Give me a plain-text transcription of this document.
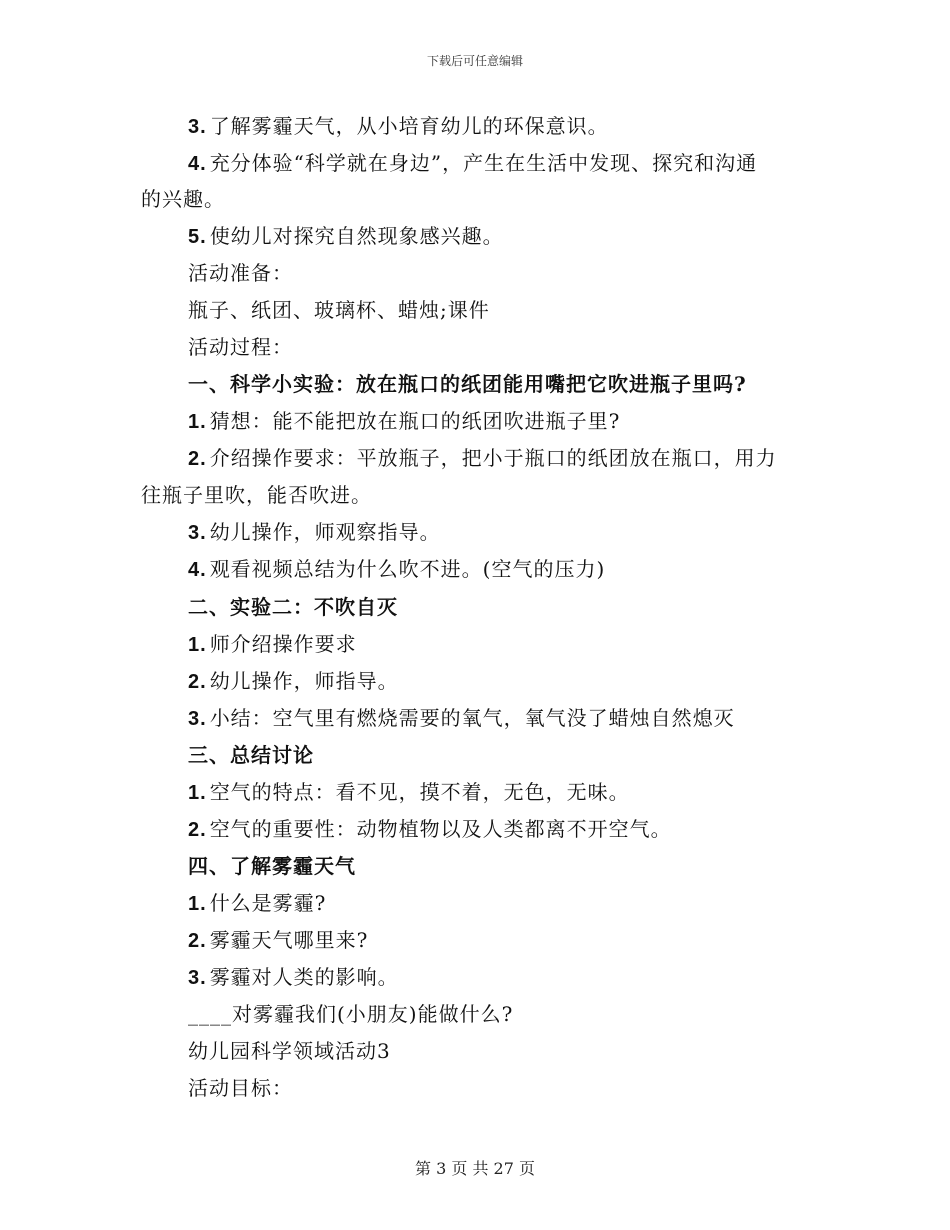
下载后可任意编辑
3. 了解雾霾天气，从小培育幼儿的环保意识。
4. 充分体验“科学就在身边”，产生在生活中发现、探究和沟通
的兴趣。
5. 使幼儿对探究自然现象感兴趣。
活动准备：
瓶子、纸团、玻璃杯、蜡烛;课件
活动过程：
一、科学小实验：放在瓶口的纸团能用嘴把它吹进瓶子里吗?
1. 猜想：能不能把放在瓶口的纸团吹进瓶子里?
2. 介绍操作要求：平放瓶子，把小于瓶口的纸团放在瓶口，用力
往瓶子里吹，能否吹进。
3. 幼儿操作，师观察指导。
4. 观看视频总结为什么吹不进。(空气的压力)
二、实验二：不吹自灭
1. 师介绍操作要求
2. 幼儿操作，师指导。
3. 小结：空气里有燃烧需要的氧气，氧气没了蜡烛自然熄灭
三、总结讨论
1. 空气的特点：看不见，摸不着，无色，无味。
2. 空气的重要性：动物植物以及人类都离不开空气。
四、了解雾霾天气
1. 什么是雾霾?
2. 雾霾天气哪里来?
3. 雾霾对人类的影响。
____对雾霾我们(小朋友)能做什么?
幼儿园科学领域活动3
活动目标：
第 3 页 共 27 页
